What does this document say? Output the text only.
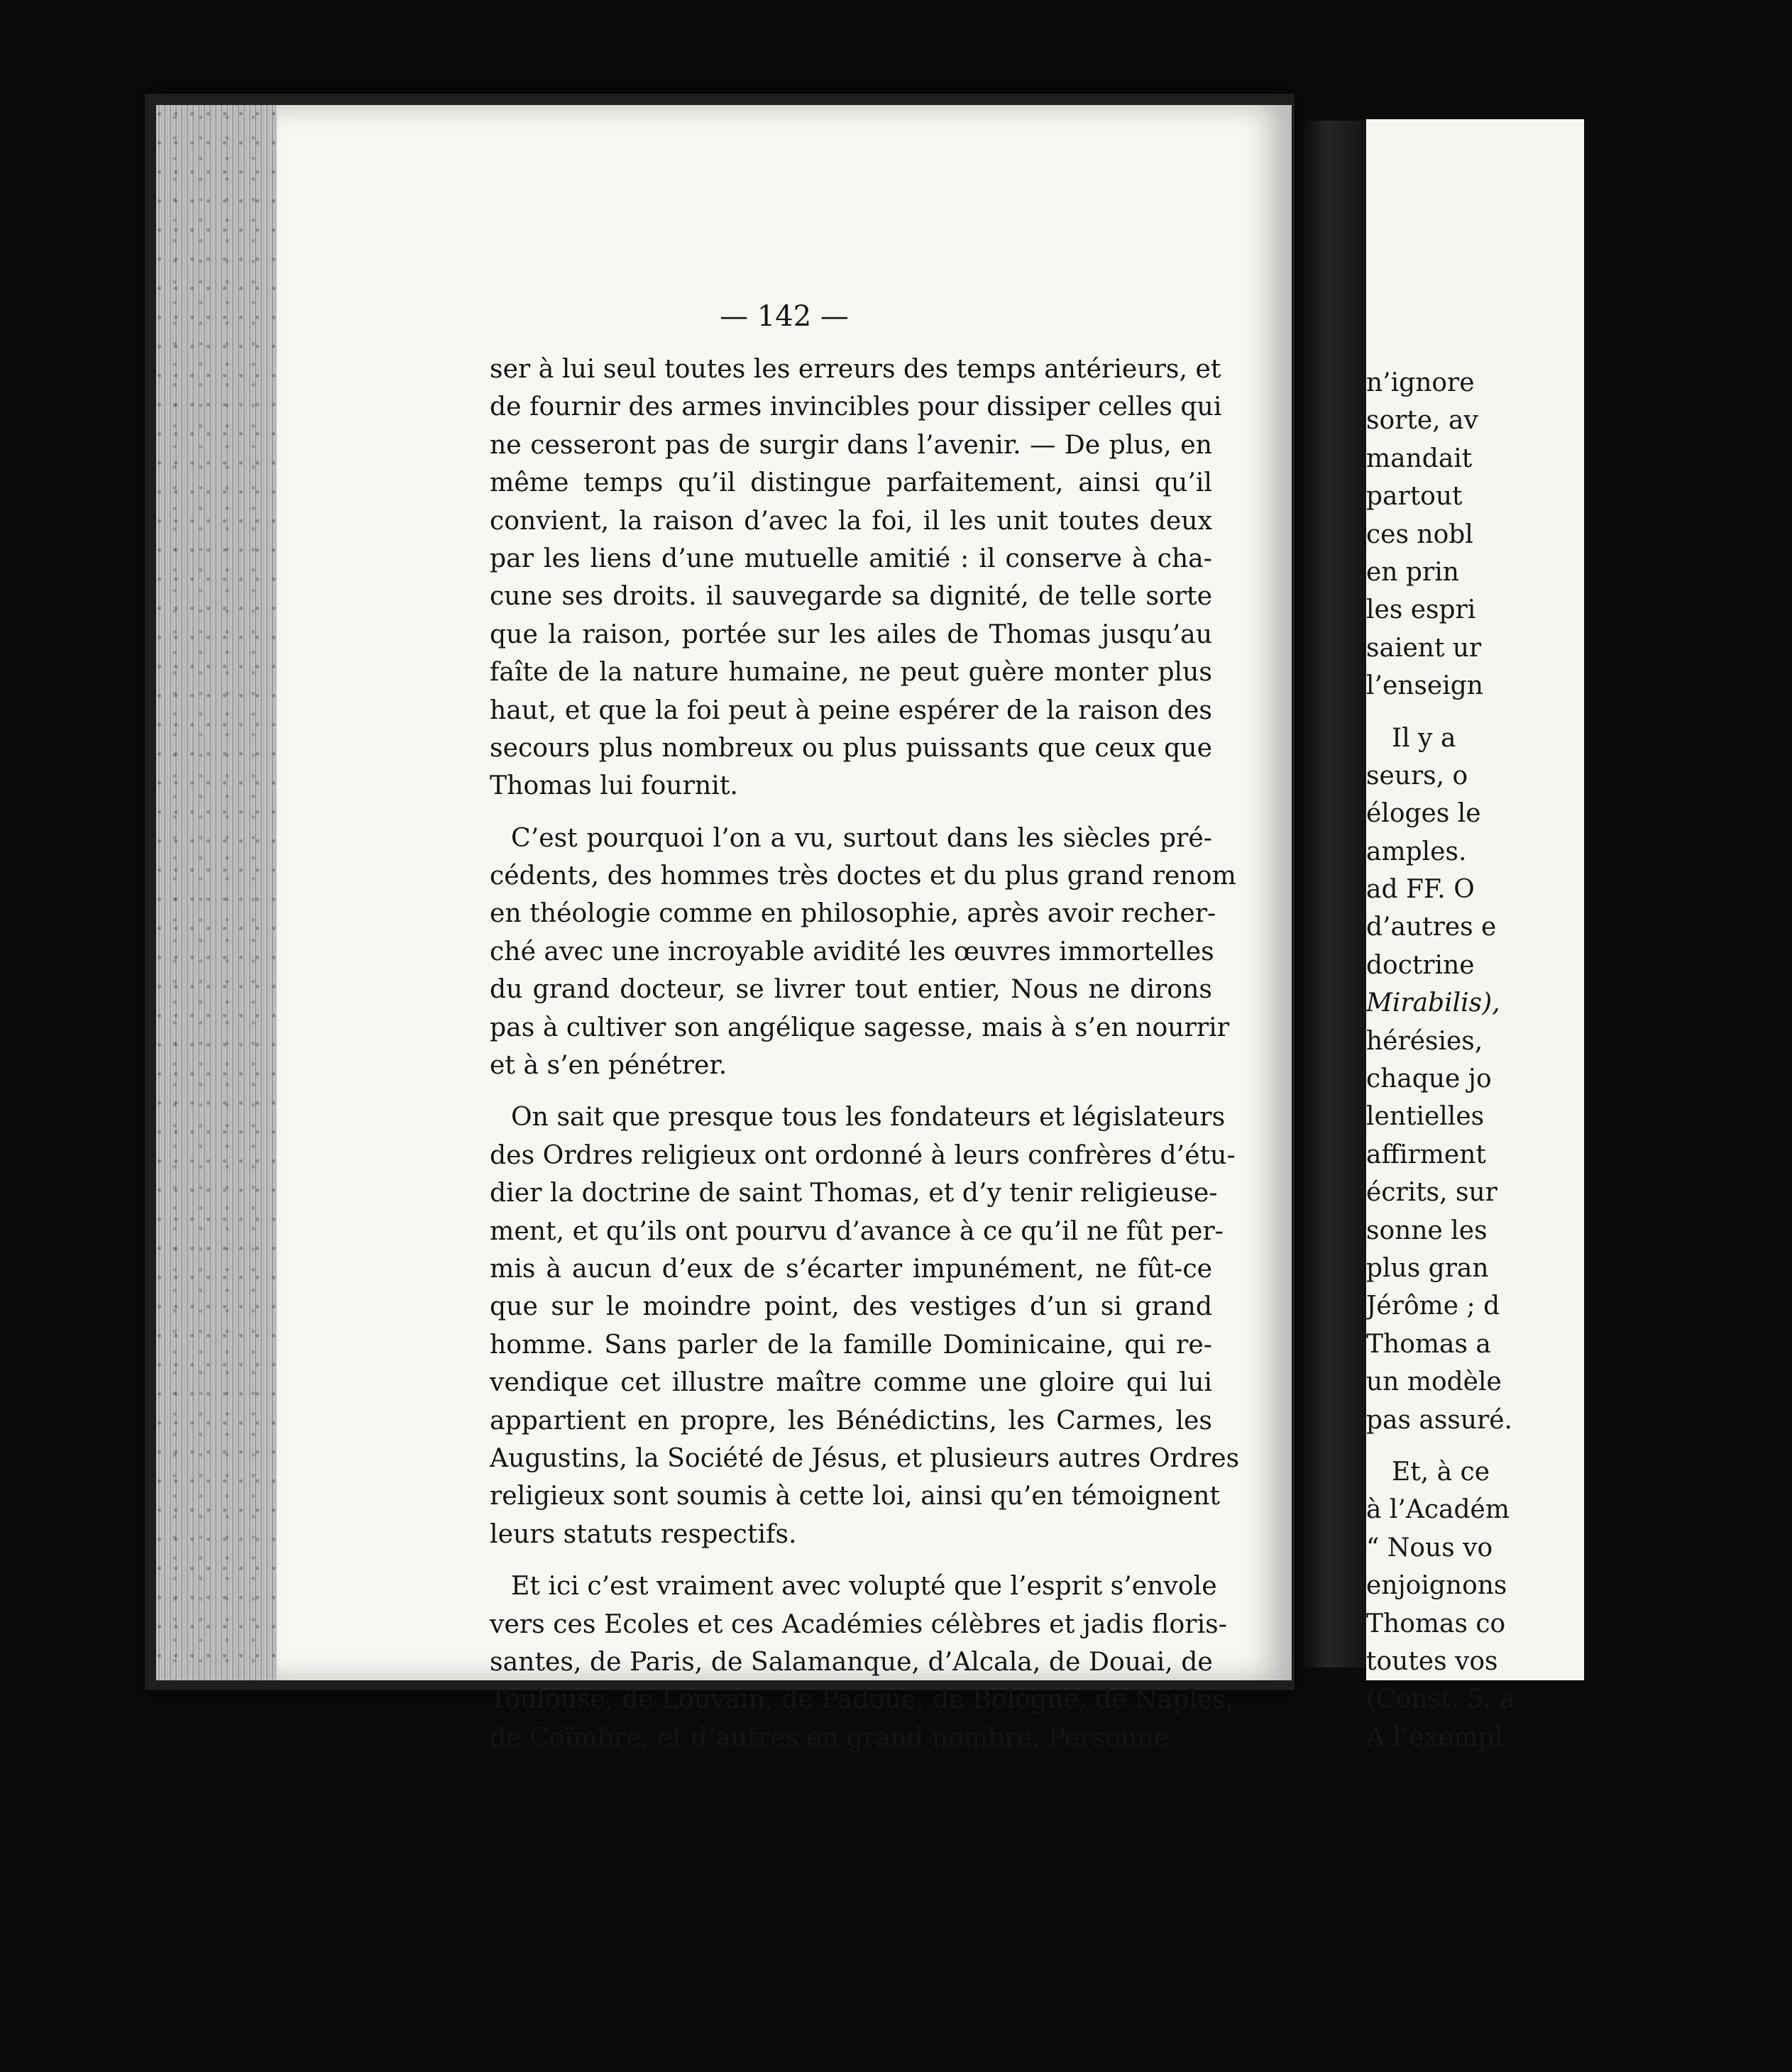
— 142 —
ser à lui seul toutes les erreurs des temps antérieurs, et
de fournir des armes invincibles pour dissiper celles qui
ne cesseront pas de surgir dans l’avenir. — De plus, en
même temps qu’il distingue parfaitement, ainsi qu’il
convient, la raison d’avec la foi, il les unit toutes deux
par les liens d’une mutuelle amitié : il conserve à cha-
cune ses droits. il sauvegarde sa dignité, de telle sorte
que la raison, portée sur les ailes de Thomas jusqu’au
faîte de la nature humaine, ne peut guère monter plus
haut, et que la foi peut à peine espérer de la raison des
secours plus nombreux ou plus puissants que ceux que
Thomas lui fournit.
C’est pourquoi l’on a vu, surtout dans les siècles pré-
cédents, des hommes très doctes et du plus grand renom
en théologie comme en philosophie, après avoir recher-
ché avec une incroyable avidité les œuvres immortelles
du grand docteur, se livrer tout entier, Nous ne dirons
pas à cultiver son angélique sagesse, mais à s’en nourrir
et à s’en pénétrer.
On sait que presque tous les fondateurs et législateurs
des Ordres religieux ont ordonné à leurs confrères d’étu-
dier la doctrine de saint Thomas, et d’y tenir religieuse-
ment, et qu’ils ont pourvu d’avance à ce qu’il ne fût per-
mis à aucun d’eux de s’écarter impunément, ne fût-ce
que sur le moindre point, des vestiges d’un si grand
homme. Sans parler de la famille Dominicaine, qui re-
vendique cet illustre maître comme une gloire qui lui
appartient en propre, les Bénédictins, les Carmes, les
Augustins, la Société de Jésus, et plusieurs autres Ordres
religieux sont soumis à cette loi, ainsi qu’en témoignent
leurs statuts respectifs.
Et ici c’est vraiment avec volupté que l’esprit s’envole
vers ces Ecoles et ces Académies célèbres et jadis floris-
santes, de Paris, de Salamanque, d’Alcala, de Douai, de
Toulouse, de Louvain, de Padoue, de Bologne, de Naples,
de Coïmbre, et d’autres en grand nombre. Personne
n’ignore
sorte, av
mandait
partout
ces nobl
en prin
les espri
saient ur
l’enseign
Il y a
seurs, o
éloges le
amples.
ad FF. O
d’autres e
doctrine
Mirabilis),
hérésies,
chaque jo
lentielles
affirment
écrits, sur
sonne les
plus gran
Jérôme ; d
Thomas a
un modèle
pas assuré.
Et, à ce
à l’Académ
“ Nous vo
enjoignons
Thomas co
toutes vos
(Const. 5. a
A l’exempl
